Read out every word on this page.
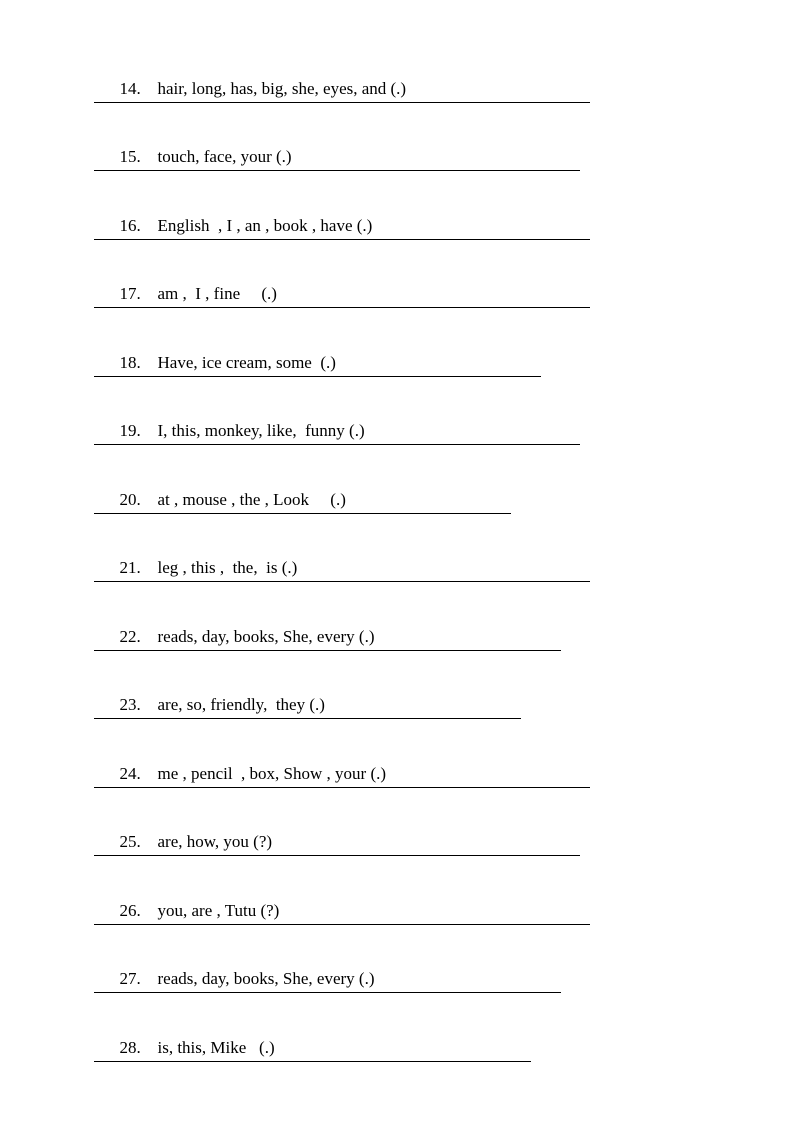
14. hair, long, has, big, she, eyes, and (.)

15. touch, face, your (.)

16. English  , I , an , book , have (.)

17. am ,  I , fine     (.)

18. Have, ice cream, some  (.)

19. I, this, monkey, like,  funny (.)

20. at , mouse , the , Look     (.)

21. leg , this ,  the,  is (.)

22. reads, day, books, She, every (.)

23. are, so, friendly,  they (.)

24. me , pencil  , box, Show , your (.)

25. are, how, you (?)

26. you, are , Tutu (?)

27. reads, day, books, She, every (.)

28. is, this, Mike   (.)
